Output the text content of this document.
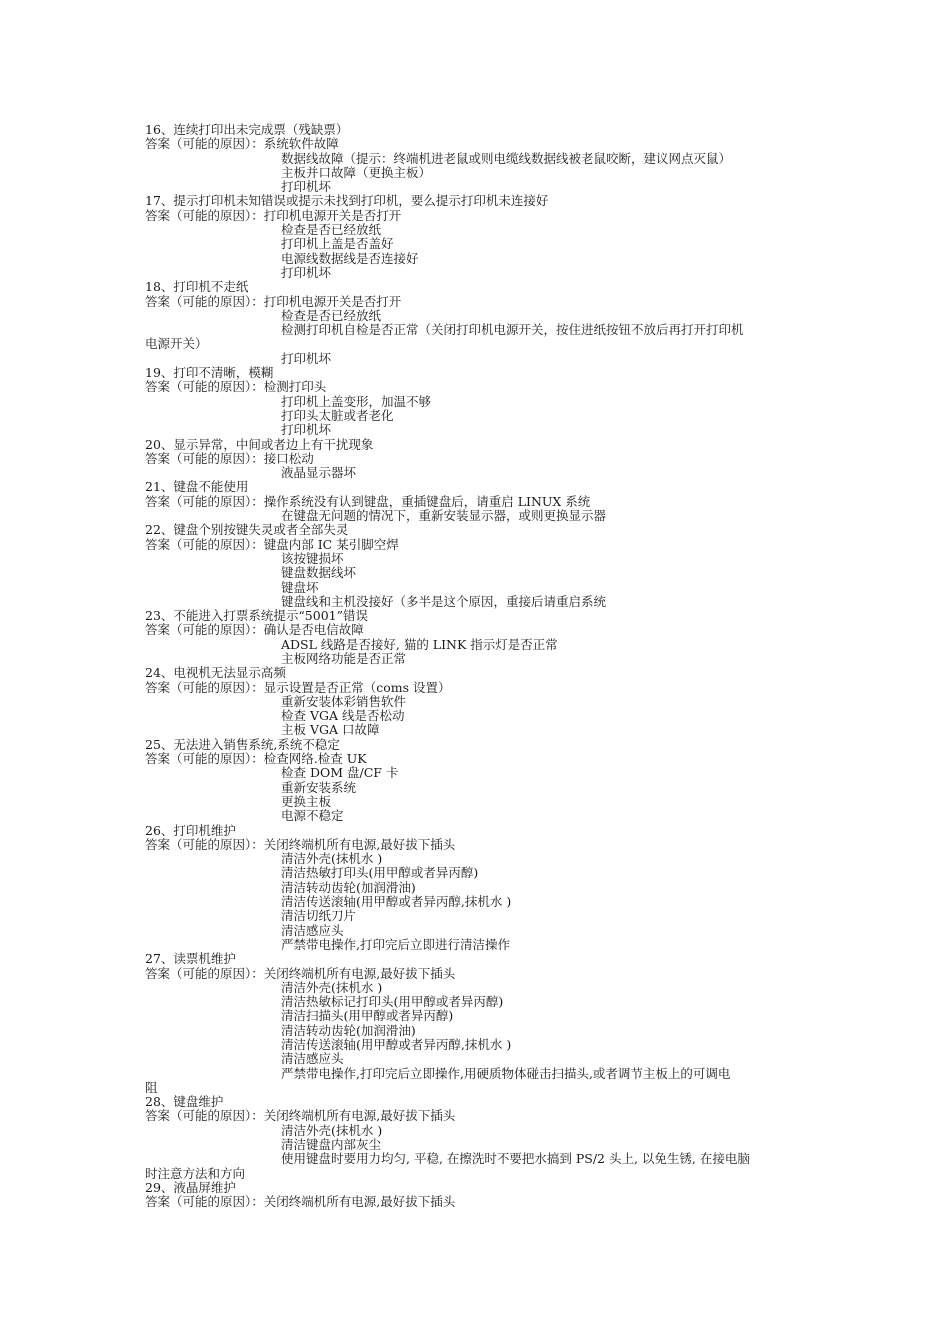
16、连续打印出未完成票（残缺票）
答案（可能的原因）：系统软件故障
数据线故障（提示：终端机进老鼠或则电缆线数据线被老鼠咬断，建议网点灭鼠）
主板并口故障（更换主板）
打印机坏
17、提示打印机未知错误或提示未找到打印机，要么提示打印机未连接好
答案（可能的原因）：打印机电源开关是否打开
检查是否已经放纸
打印机上盖是否盖好
电源线数据线是否连接好
打印机坏
18、打印机不走纸
答案（可能的原因）：打印机电源开关是否打开
检查是否已经放纸
检测打印机自检是否正常（关闭打印机电源开关，按住进纸按钮不放后再打开打印机
电源开关）
打印机坏
19、打印不清晰，模糊
答案（可能的原因）：检测打印头
打印机上盖变形，加温不够
打印头太脏或者老化
打印机坏
20、显示异常，中间或者边上有干扰现象
答案（可能的原因）：接口松动
液晶显示器坏
21、键盘不能使用
答案（可能的原因）：操作系统没有认到键盘，重插键盘后，请重启 LINUX 系统
在键盘无问题的情况下，重新安装显示器，或则更换显示器
22、键盘个别按键失灵或者全部失灵
答案（可能的原因）：键盘内部 IC 某引脚空焊
该按键损坏
键盘数据线坏
键盘坏
键盘线和主机没接好（多半是这个原因，重接后请重启系统
23、不能进入打票系统提示“5001”错误
答案（可能的原因）：确认是否电信故障
ADSL 线路是否接好, 猫的 LINK 指示灯是否正常
主板网络功能是否正常
24、电视机无法显示高频
答案（可能的原因）：显示设置是否正常（coms 设置）
重新安装体彩销售软件
检查 VGA 线是否松动
主板 VGA 口故障
25、无法进入销售系统,系统不稳定
答案（可能的原因）：检查网络.检查 UK
检查 DOM 盘/CF 卡
重新安装系统
更换主板
电源不稳定
26、打印机维护
答案（可能的原因）：关闭终端机所有电源,最好拔下插头
清洁外壳(抹机水 )
清洁热敏打印头(用甲醇或者异丙醇)
清洁转动齿轮(加润滑油)
清洁传送滚轴(用甲醇或者异丙醇,抹机水 )
清洁切纸刀片
清洁感应头
严禁带电操作,打印完后立即进行清洁操作
27、读票机维护
答案（可能的原因）：关闭终端机所有电源,最好拔下插头
清洁外壳(抹机水 )
清洁热敏标记打印头(用甲醇或者异丙醇)
清洁扫描头(用甲醇或者异丙醇)
清洁转动齿轮(加润滑油)
清洁传送滚轴(用甲醇或者异丙醇,抹机水 )
清洁感应头
严禁带电操作,打印完后立即操作,用硬质物体碰击扫描头,或者调节主板上的可调电
阻
28、键盘维护
答案（可能的原因）：关闭终端机所有电源,最好拔下插头
清洁外壳(抹机水 )
清洁键盘内部灰尘
使用键盘时要用力均匀, 平稳, 在擦洗时不要把水搞到 PS/2 头上, 以免生锈, 在接电脑
时注意方法和方向
29、液晶屏维护
答案（可能的原因）：关闭终端机所有电源,最好拔下插头
